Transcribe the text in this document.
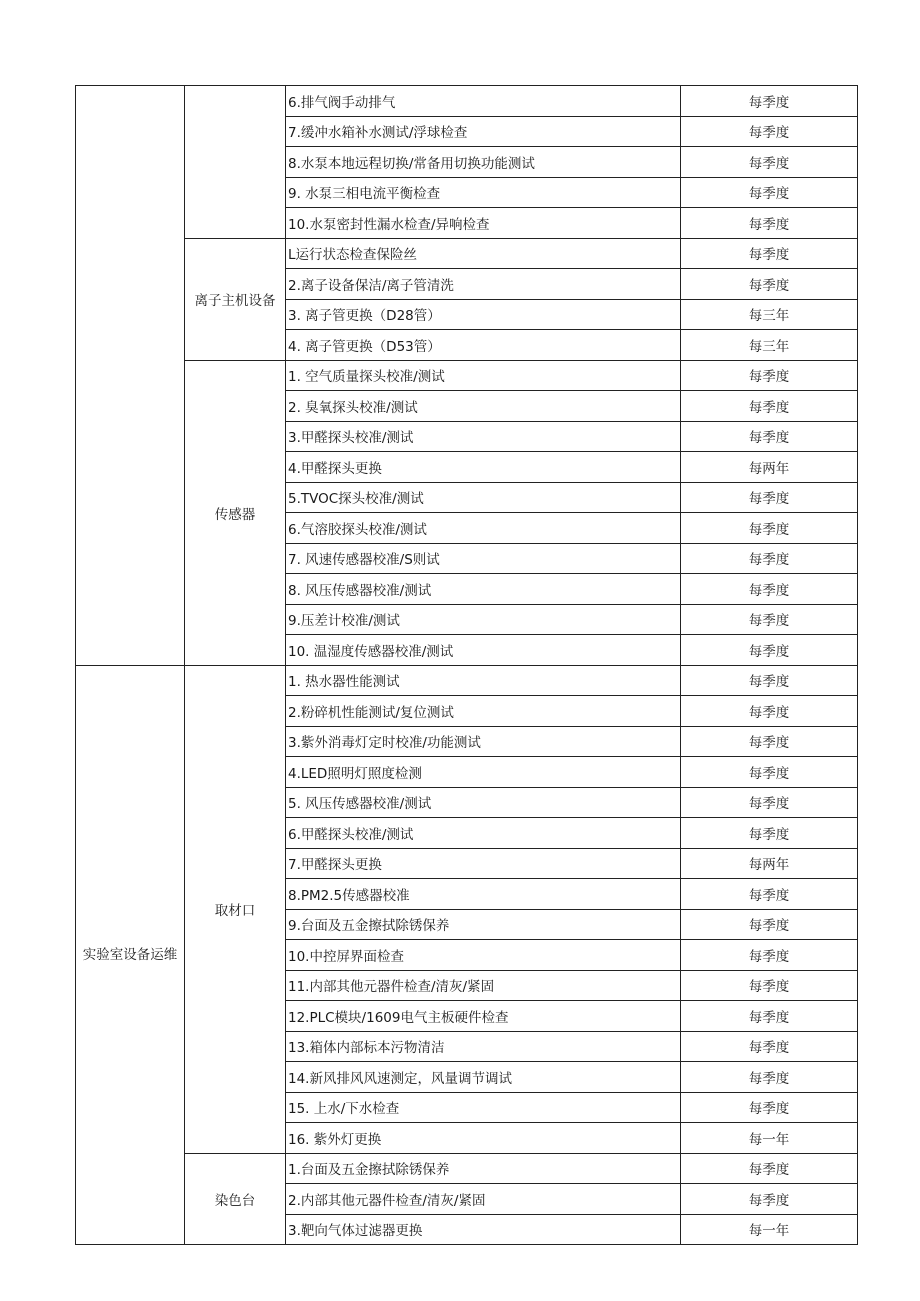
		6.排气阀手动排气	每季度
		7.缓冲水箱补水测试/浮球检查	每季度
		8.水泵本地远程切换/常备用切换功能测试	每季度
		9. 水泵三相电流平衡检查	每季度
		10.水泵密封性漏水检查/异响检查	每季度
	离子主机设备	L运行状态检查保险丝	每季度
		2.离子设备保洁/离子管清洗	每季度
		3. 离子管更换（D28管）	每三年
		4. 离子管更换（D53管）	每三年
	传感器	1. 空气质量探头校准/测试	每季度
		2. 臭氧探头校准/测试	每季度
		3.甲醛探头校准/测试	每季度
		4.甲醛探头更换	每两年
		5.TVOC探头校准/测试	每季度
		6.气溶胶探头校准/测试	每季度
		7. 风速传感器校准/S则试	每季度
		8. 风压传感器校准/测试	每季度
		9.压差计校准/测试	每季度
		10. 温湿度传感器校准/测试	每季度
实验室设备运维	取材口	1. 热水器性能测试	每季度
		2.粉碎机性能测试/复位测试	每季度
		3.紫外消毒灯定时校准/功能测试	每季度
		4.LED照明灯照度检测	每季度
		5. 风压传感器校准/测试	每季度
		6.甲醛探头校准/测试	每季度
		7.甲醛探头更换	每两年
		8.PM2.5传感器校准	每季度
		9.台面及五金擦拭除锈保养	每季度
		10.中控屏界面检查	每季度
		11.内部其他元器件检查/清灰/紧固	每季度
		12.PLC模块/1609电气主板硬件检查	每季度
		13.箱体内部标本污物清洁	每季度
		14.新风排风风速测定，风量调节调试	每季度
		15. 上水/下水检查	每季度
		16. 紫外灯更换	每一年
	染色台	1.台面及五金擦拭除锈保养	每季度
		2.内部其他元器件检查/清灰/紧固	每季度
		3.靶向气体过滤器更换	每一年
